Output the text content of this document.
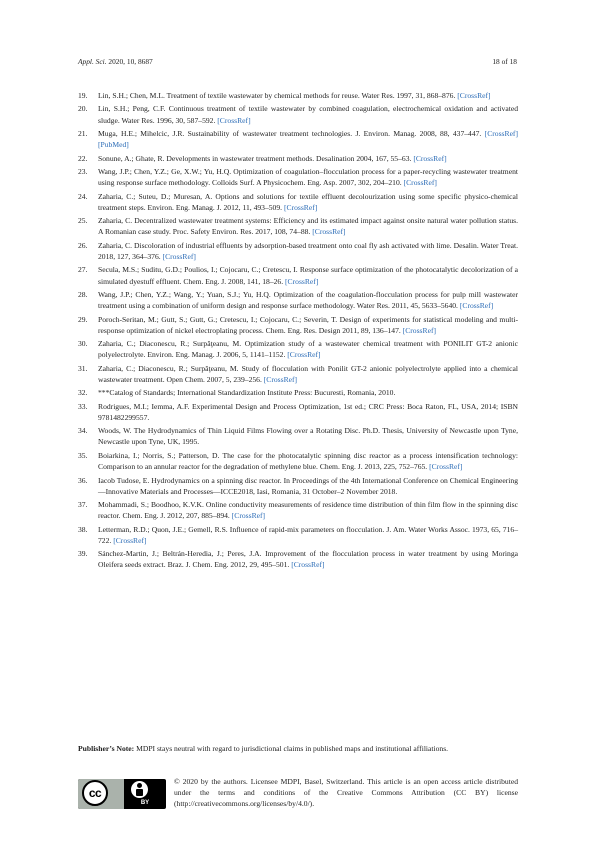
Appl. Sci. 2020, 10, 8687	18 of 18
19. Lin, S.H.; Chen, M.L. Treatment of textile wastewater by chemical methods for reuse. Water Res. 1997, 31, 868–876. [CrossRef]
20. Lin, S.H.; Peng, C.F. Continuous treatment of textile wastewater by combined coagulation, electrochemical oxidation and activated sludge. Water Res. 1996, 30, 587–592. [CrossRef]
21. Muga, H.E.; Mihelcic, J.R. Sustainability of wastewater treatment technologies. J. Environ. Manag. 2008, 88, 437–447. [CrossRef] [PubMed]
22. Sonune, A.; Ghate, R. Developments in wastewater treatment methods. Desalination 2004, 167, 55–63. [CrossRef]
23. Wang, J.P.; Chen, Y.Z.; Ge, X.W.; Yu, H.Q. Optimization of coagulation–flocculation process for a paper-recycling wastewater treatment using response surface methodology. Colloids Surf. A Physicochem. Eng. Asp. 2007, 302, 204–210. [CrossRef]
24. Zaharia, C.; Suteu, D.; Muresan, A. Options and solutions for textile effluent decolourization using some specific physico-chemical treatment steps. Environ. Eng. Manag. J. 2012, 11, 493–509. [CrossRef]
25. Zaharia, C. Decentralized wastewater treatment systems: Efficiency and its estimated impact against onsite natural water pollution status. A Romanian case study. Proc. Safety Environ. Res. 2017, 108, 74–88. [CrossRef]
26. Zaharia, C. Discoloration of industrial effluents by adsorption-based treatment onto coal fly ash activated with lime. Desalin. Water Treat. 2018, 127, 364–376. [CrossRef]
27. Secula, M.S.; Suditu, G.D.; Poulios, I.; Cojocaru, C.; Cretescu, I. Response surface optimization of the photocatalytic decolorization of a simulated dyestuff effluent. Chem. Eng. J. 2008, 141, 18–26. [CrossRef]
28. Wang, J.P.; Chen, Y.Z.; Wang, Y.; Yuan, S.J.; Yu, H.Q. Optimization of the coagulation-flocculation process for pulp mill wastewater treatment using a combination of uniform design and response surface methodology. Water Res. 2011, 45, 5633–5640. [CrossRef]
29. Poroch-Seritan, M.; Gutt, S.; Gutt, G.; Cretescu, I.; Cojocaru, C.; Severin, T. Design of experiments for statistical modeling and multi-response optimization of nickel electroplating process. Chem. Eng. Res. Design 2011, 89, 136–147. [CrossRef]
30. Zaharia, C.; Diaconescu, R.; Surpăţeanu, M. Optimization study of a wastewater chemical treatment with PONILIT GT-2 anionic polyelectrolyte. Environ. Eng. Manag. J. 2006, 5, 1141–1152. [CrossRef]
31. Zaharia, C.; Diaconescu, R.; Surpăţeanu, M. Study of flocculation with Ponilit GT-2 anionic polyelectrolyte applied into a chemical wastewater treatment. Open Chem. 2007, 5, 239–256. [CrossRef]
32. ***Catalog of Standards; International Standardization Institute Press: Bucuresti, Romania, 2010.
33. Rodrigues, M.I.; Iemma, A.F. Experimental Design and Process Optimization, 1st ed.; CRC Press: Boca Raton, FL, USA, 2014; ISBN 9781482299557.
34. Woods, W. The Hydrodynamics of Thin Liquid Films Flowing over a Rotating Disc. Ph.D. Thesis, University of Newcastle upon Tyne, Newcastle upon Tyne, UK, 1995.
35. Boiarkina, I.; Norris, S.; Patterson, D. The case for the photocatalytic spinning disc reactor as a process intensification technology: Comparison to an annular reactor for the degradation of methylene blue. Chem. Eng. J. 2013, 225, 752–765. [CrossRef]
36. Iacob Tudose, E. Hydrodynamics on a spinning disc reactor. In Proceedings of the 4th International Conference on Chemical Engineering—Innovative Materials and Processes—ICCE2018, Iasi, Romania, 31 October–2 November 2018.
37. Mohammadi, S.; Boodhoo, K.V.K. Online conductivity measurements of residence time distribution of thin film flow in the spinning disc reactor. Chem. Eng. J. 2012, 207, 885–894. [CrossRef]
38. Letterman, R.D.; Quon, J.E.; Gemell, R.S. Influence of rapid-mix parameters on flocculation. J. Am. Water Works Assoc. 1973, 65, 716–722. [CrossRef]
39. Sánchez-Martin, J.; Beltrán-Heredia, J.; Peres, J.A. Improvement of the flocculation process in water treatment by using Moringa Oleifera seeds extract. Braz. J. Chem. Eng. 2012, 29, 495–501. [CrossRef]
Publisher’s Note: MDPI stays neutral with regard to jurisdictional claims in published maps and institutional affiliations.
cc
BY
© 2020 by the authors. Licensee MDPI, Basel, Switzerland. This article is an open access article distributed under the terms and conditions of the Creative Commons Attribution (CC BY) license (http://creativecommons.org/licenses/by/4.0/).
